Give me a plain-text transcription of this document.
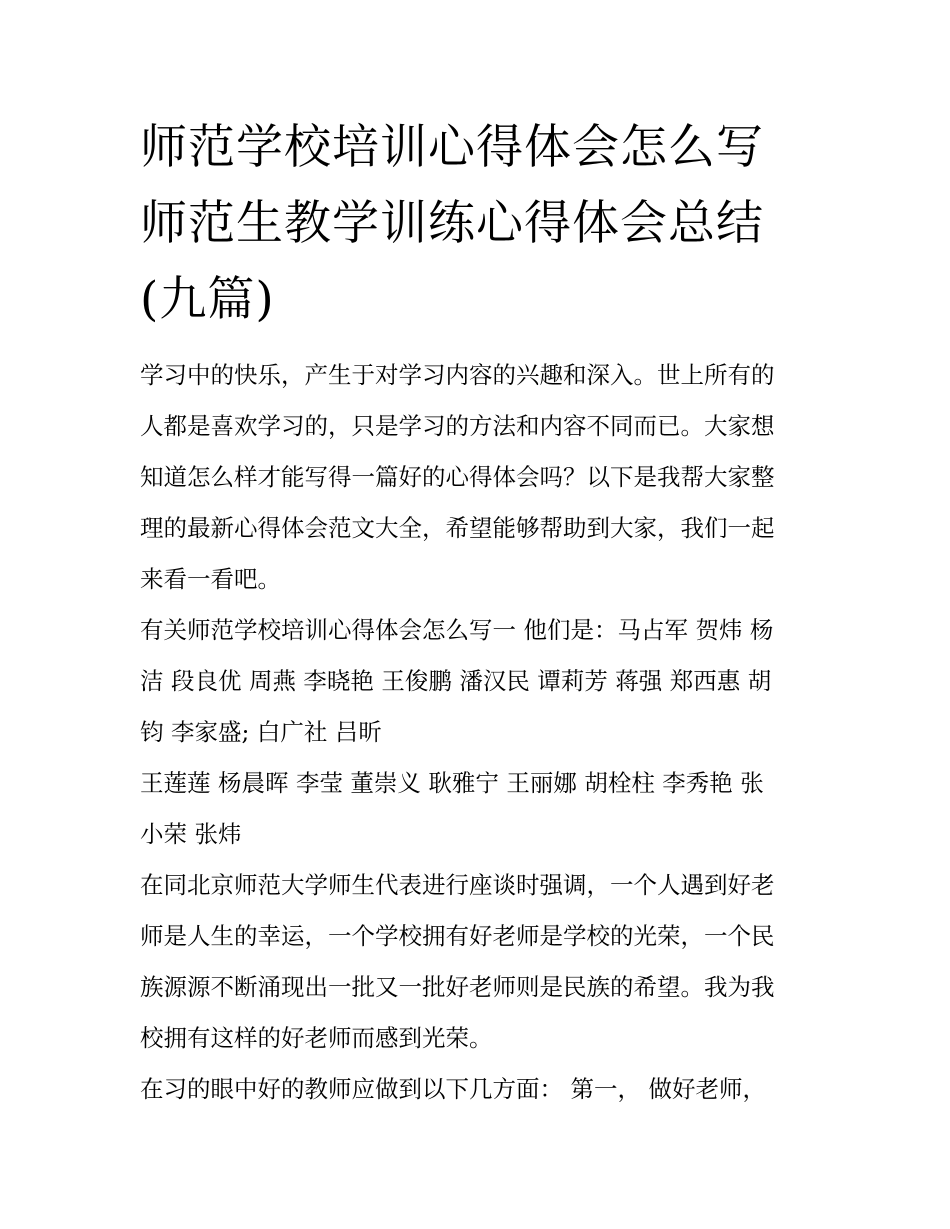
师范学校培训心得体会怎么写
师范生教学训练心得体会总结
(九篇)

学习中的快乐，产生于对学习内容的兴趣和深入。世上所有的
人都是喜欢学习的，只是学习的方法和内容不同而已。大家想
知道怎么样才能写得一篇好的心得体会吗？以下是我帮大家整
理的最新心得体会范文大全，希望能够帮助到大家，我们一起
来看一看吧。

有关师范学校培训心得体会怎么写一 他们是：马占军 贺炜 杨
洁 段良优 周燕 李晓艳 王俊鹏 潘汉民 谭莉芳 蒋强 郑西惠 胡
钧 李家盛; 白广社 吕昕

王莲莲 杨晨晖 李莹 董崇义 耿雅宁 王丽娜 胡栓柱 李秀艳 张
小荣 张炜

在同北京师范大学师生代表进行座谈时强调，一个人遇到好老
师是人生的幸运，一个学校拥有好老师是学校的光荣，一个民
族源源不断涌现出一批又一批好老师则是民族的希望。我为我
校拥有这样的好老师而感到光荣。

在习的眼中好的教师应做到以下几方面： 第一， 做好老师，
